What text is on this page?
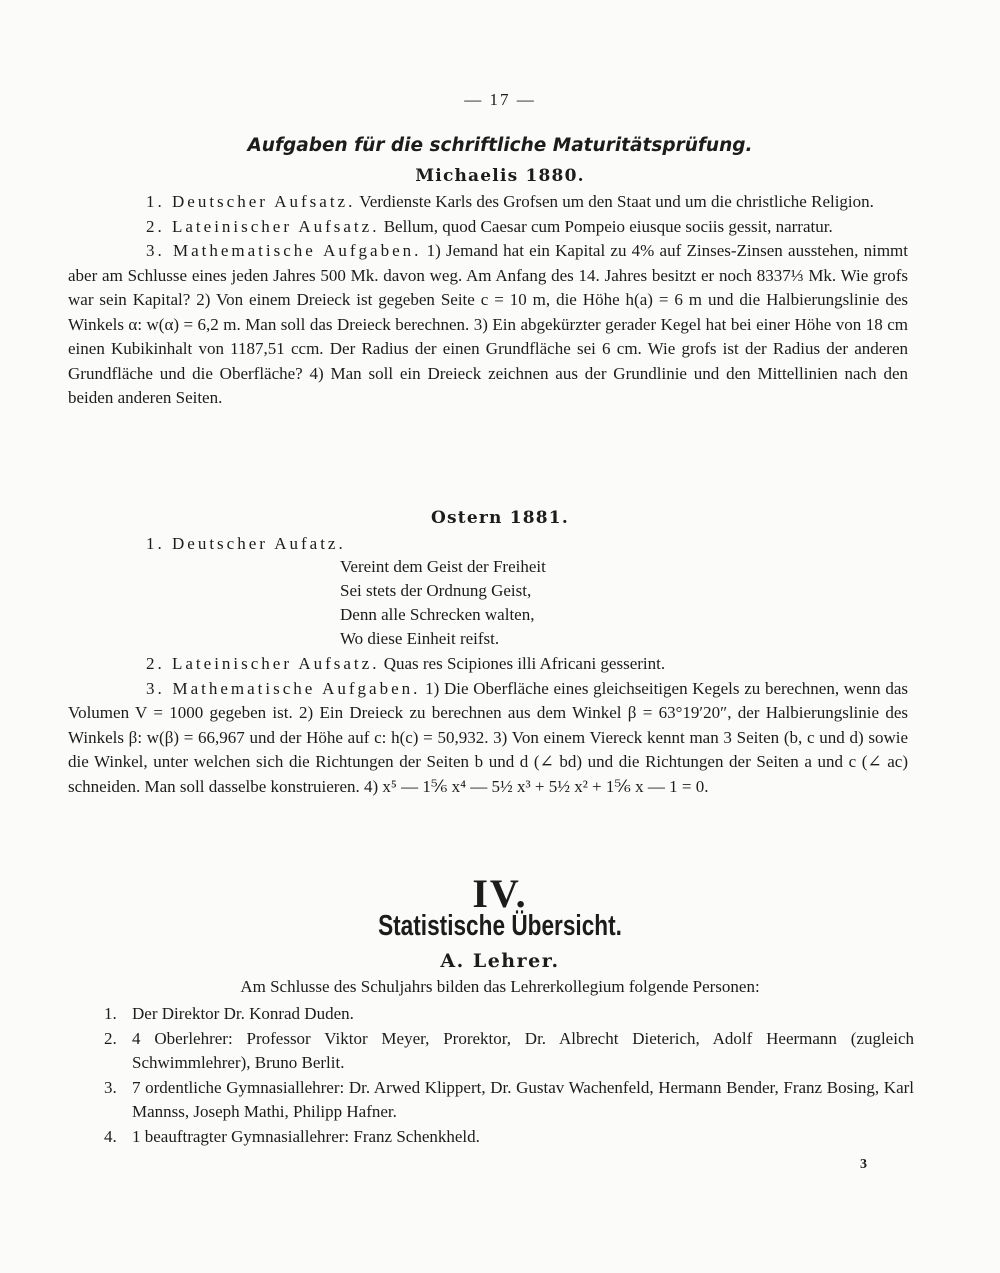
— 17 —
Aufgaben für die schriftliche Maturitätsprüfung.
Michaelis 1880.
1. Deutscher Aufsatz. Verdienste Karls des Grofsen um den Staat und um die christliche Religion.
2. Lateinischer Aufsatz. Bellum, quod Caesar cum Pompeio eiusque sociis gessit, narratur.
3. Mathematische Aufgaben. 1) Jemand hat ein Kapital zu 4% auf Zinses-Zinsen ausstehen, nimmt aber am Schlusse eines jeden Jahres 500 Mk. davon weg. Am Anfang des 14. Jahres besitzt er noch 8337⅓ Mk. Wie grofs war sein Kapital? 2) Von einem Dreieck ist gegeben Seite c = 10 m, die Höhe h(a) = 6 m und die Halbierungslinie des Winkels α: w(α) = 6,2 m. Man soll das Dreieck berechnen. 3) Ein abgekürzter gerader Kegel hat bei einer Höhe von 18 cm einen Kubikinhalt von 1187,51 ccm. Der Radius der einen Grundfläche sei 6 cm. Wie grofs ist der Radius der anderen Grundfläche und die Oberfläche? 4) Man soll ein Dreieck zeichnen aus der Grundlinie und den Mittellinien nach den beiden anderen Seiten.
Ostern 1881.
1. Deutscher Aufatz.
Vereint dem Geist der Freiheit
Sei stets der Ordnung Geist,
Denn alle Schrecken walten,
Wo diese Einheit reifst.
2. Lateinischer Aufsatz. Quas res Scipiones illi Africani gesserint.
3. Mathematische Aufgaben. 1) Die Oberfläche eines gleichseitigen Kegels zu berechnen, wenn das Volumen V = 1000 gegeben ist. 2) Ein Dreieck zu berechnen aus dem Winkel β = 63°19′20″, der Halbierungslinie des Winkels β: w(β) = 66,967 und der Höhe auf c: h(c) = 50,932. 3) Von einem Viereck kennt man 3 Seiten (b, c und d) sowie die Winkel, unter welchen sich die Richtungen der Seiten b und d (∠ bd) und die Richtungen der Seiten a und c (∠ ac) schneiden. Man soll dasselbe konstruieren. 4) x⁵ — 1⅚ x⁴ — 5½ x³ + 5½ x² + 1⅚ x — 1 = 0.
IV.
Statistische Übersicht.
A. Lehrer.
Am Schlusse des Schuljahrs bilden das Lehrerkollegium folgende Personen:
1. Der Direktor Dr. Konrad Duden.
2. 4 Oberlehrer: Professor Viktor Meyer, Prorektor, Dr. Albrecht Dieterich, Adolf Heermann (zugleich Schwimmlehrer), Bruno Berlit.
3. 7 ordentliche Gymnasiallehrer: Dr. Arwed Klippert, Dr. Gustav Wachenfeld, Hermann Bender, Franz Bosing, Karl Mannss, Joseph Mathi, Philipp Hafner.
4. 1 beauftragter Gymnasiallehrer: Franz Schenkheld.
3
